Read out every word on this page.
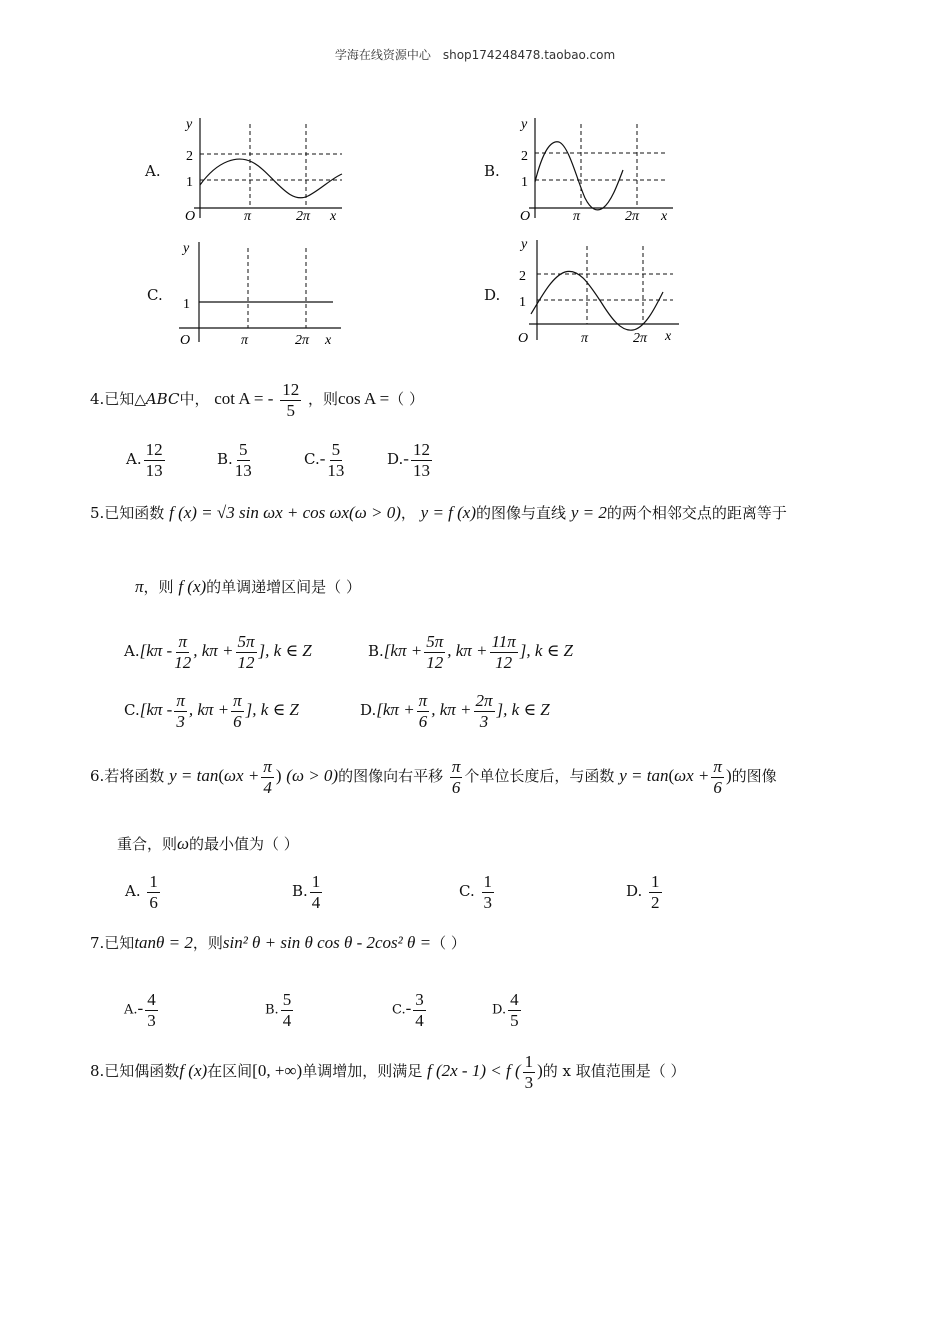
学海在线资源中心　shop174248478.taobao.com
A.
y
O
2
1
π	2π x
B.
y
O
2
1
π	2π x
C.
y
O
1
π	2π x
D.
y
O
2
1
π	2π x
4.已知△ABC中， cot A = - $\frac{12}{5}$ ，则cos A =（ ）
A. $\frac{12}{13}$	B. $\frac{5}{13}$	$C.- \frac{5}{13}$	$D.- \frac{12}{13}$
5.已知函数 f (x) = √3 sin ωx + cos ωx(ω > 0)， y = f (x)的图像与直线 y = 2的两个相邻交点的距离等于
π，则 f (x)的单调递增区间是（ ）
$A.[k\pi - \frac{\pi}{12}$ , $k\pi + \frac{5\pi}{12}$ ], k ∈ Z	$B.[k\pi + \frac{5\pi}{12}$ , $k\pi + \frac{11\pi}{12}$ ], k ∈ Z
$C.[k\pi - \frac{\pi}{3}$ , $k\pi + \frac{\pi}{6}$ ], k ∈ Z	$D.[k\pi + \frac{\pi}{6}$ , $k\pi + \frac{2\pi}{3}$ ], k ∈ Z
6.若将函数 $y = \tan(\omega x + \frac{\pi}{4}$ ) (ω > 0)的图像向右平移 $\frac{\pi}{6}$ 个单位长度后，与函数 $y = \tan(\omega x + \frac{\pi}{6}$ )的图像
重合，则ω的最小值为（ ）
A. $\frac{1}{6}$	B. $\frac{1}{4}$	C. $\frac{1}{3}$	D. $\frac{1}{2}$
7.已知tanθ = 2，则sin² θ + sin θ cos θ - 2cos² θ =（ ）
$A.- \frac{4}{3}$	B. $\frac{5}{4}$	$C.- \frac{3}{4}$	D. $\frac{4}{5}$
8.已知偶函数f (x)在区间[0, +∞)单调增加，则满足 f (2x - 1) < f ( $\frac{1}{3}$ )的 x 取值范围是（ ）
